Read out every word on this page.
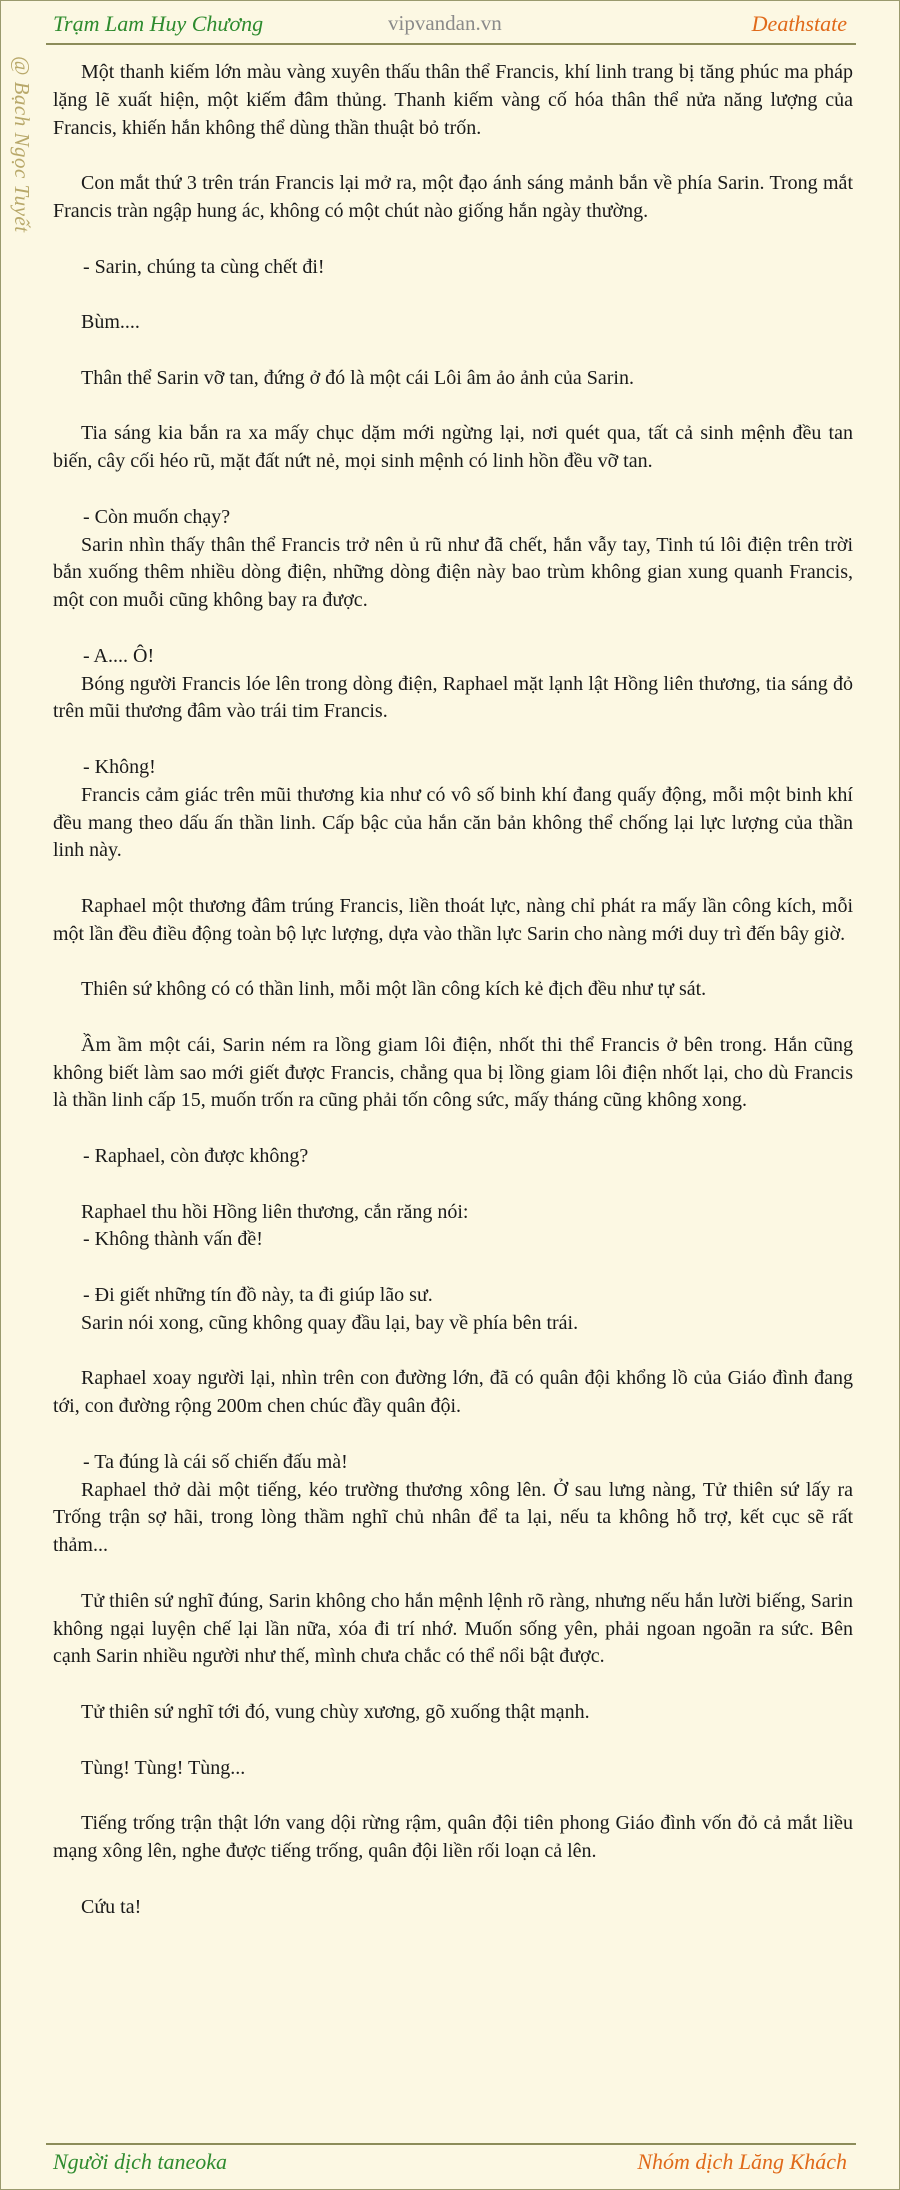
Trạm Lam Huy Chương	vipvandan.vn	Deathstate
@ Bạch Ngọc Tuyết	Một thanh kiếm lớn màu vàng xuyên thấu thân thể Francis, khí linh trang bị tăng phúc ma pháp lặng lẽ xuất hiện, một kiếm đâm thủng. Thanh kiếm vàng cố hóa thân thể nửa năng lượng của Francis, khiến hắn không thể dùng thần thuật bỏ trốn.

Con mắt thứ 3 trên trán Francis lại mở ra, một đạo ánh sáng mảnh bắn về phía Sarin. Trong mắt Francis tràn ngập hung ác, không có một chút nào giống hắn ngày thường.

- Sarin, chúng ta cùng chết đi!

Bùm....

Thân thể Sarin vỡ tan, đứng ở đó là một cái Lôi âm ảo ảnh của Sarin.

Tia sáng kia bắn ra xa mấy chục dặm mới ngừng lại, nơi quét qua, tất cả sinh mệnh đều tan biến, cây cối héo rũ, mặt đất nứt nẻ, mọi sinh mệnh có linh hồn đều vỡ tan.

- Còn muốn chạy?

Sarin nhìn thấy thân thể Francis trở nên ủ rũ như đã chết, hắn vẫy tay, Tinh tú lôi điện trên trời bắn xuống thêm nhiều dòng điện, những dòng điện này bao trùm không gian xung quanh Francis, một con muỗi cũng không bay ra được.

- A.... Ô!

Bóng người Francis lóe lên trong dòng điện, Raphael mặt lạnh lật Hồng liên thương, tia sáng đỏ trên mũi thương đâm vào trái tim Francis.

- Không!

Francis cảm giác trên mũi thương kia như có vô số binh khí đang quấy động, mỗi một binh khí đều mang theo dấu ấn thần linh. Cấp bậc của hắn căn bản không thể chống lại lực lượng của thần linh này.

Raphael một thương đâm trúng Francis, liền thoát lực, nàng chỉ phát ra mấy lần công kích, mỗi một lần đều điều động toàn bộ lực lượng, dựa vào thần lực Sarin cho nàng mới duy trì đến bây giờ.

Thiên sứ không có có thần linh, mỗi một lần công kích kẻ địch đều như tự sát.

Ầm ầm một cái, Sarin ném ra lồng giam lôi điện, nhốt thi thể Francis ở bên trong. Hắn cũng không biết làm sao mới giết được Francis, chẳng qua bị lồng giam lôi điện nhốt lại, cho dù Francis là thần linh cấp 15, muốn trốn ra cũng phải tốn công sức, mấy tháng cũng không xong.

- Raphael, còn được không?

Raphael thu hồi Hồng liên thương, cắn răng nói:

- Không thành vấn đề!

- Đi giết những tín đồ này, ta đi giúp lão sư.

Sarin nói xong, cũng không quay đầu lại, bay về phía bên trái.

Raphael xoay người lại, nhìn trên con đường lớn, đã có quân đội khổng lồ của Giáo đình đang tới, con đường rộng 200m chen chúc đầy quân đội.

- Ta đúng là cái số chiến đấu mà!

Raphael thở dài một tiếng, kéo trường thương xông lên. Ở sau lưng nàng, Tử thiên sứ lấy ra Trống trận sợ hãi, trong lòng thầm nghĩ chủ nhân để ta lại, nếu ta không hỗ trợ, kết cục sẽ rất thảm...

Tử thiên sứ nghĩ đúng, Sarin không cho hắn mệnh lệnh rõ ràng, nhưng nếu hắn lười biếng, Sarin không ngại luyện chế lại lần nữa, xóa đi trí nhớ. Muốn sống yên, phải ngoan ngoãn ra sức. Bên cạnh Sarin nhiều người như thế, mình chưa chắc có thể nổi bật được.

Tử thiên sứ nghĩ tới đó, vung chùy xương, gõ xuống thật mạnh.

Tùng! Tùng! Tùng...

Tiếng trống trận thật lớn vang dội rừng rậm, quân đội tiên phong Giáo đình vốn đỏ cả mắt liều mạng xông lên, nghe được tiếng trống, quân đội liền rối loạn cả lên.

Cứu ta!

Người dịch taneoka	Nhóm dịch Lăng Khách
